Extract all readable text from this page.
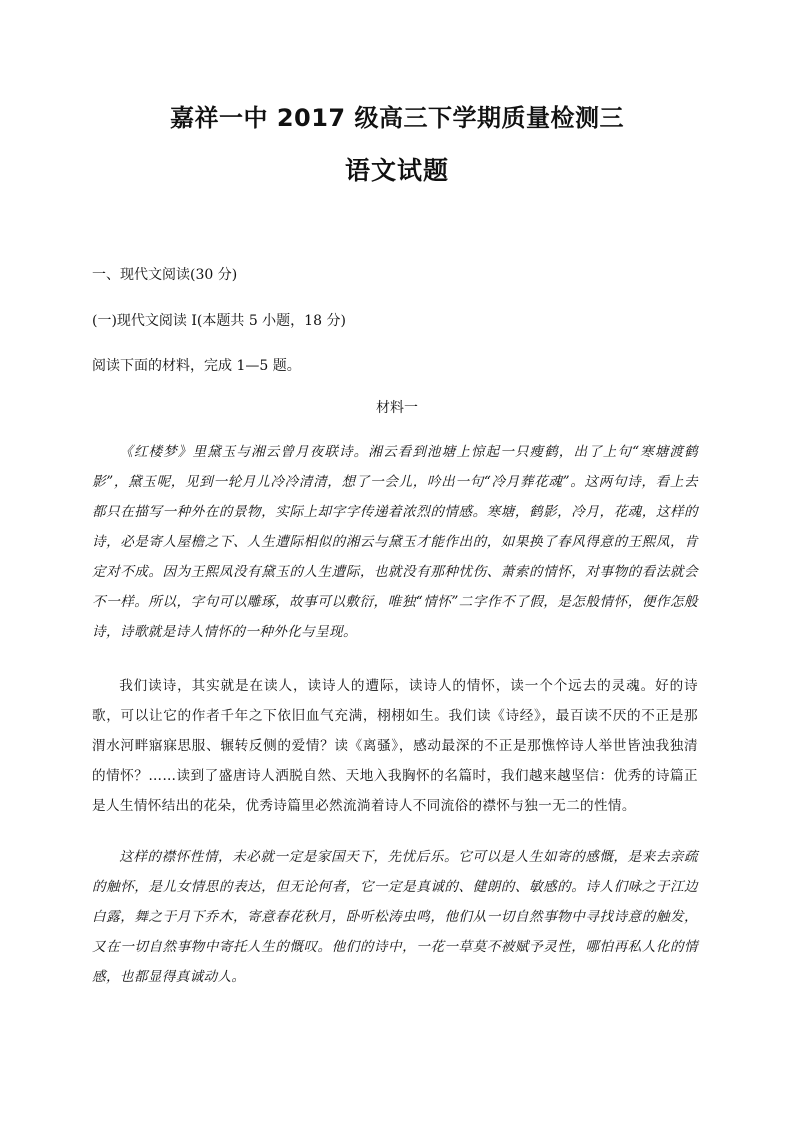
嘉祥一中 2017 级高三下学期质量检测三
语文试题
一、现代文阅读(30 分)
(一)现代文阅读 I(本题共 5 小题，18 分)
阅读下面的材料，完成 1—5 题。
材料一
《红楼梦》里黛玉与湘云曾月夜联诗。湘云看到池塘上惊起一只瘦鹤，出了上句“寒塘渡鹤影”，黛玉呢，见到一轮月儿冷冷清清，想了一会儿，吟出一句“冷月葬花魂”。这两句诗，看上去都只在描写一种外在的景物，实际上却字字传递着浓烈的情感。寒塘，鹤影，冷月，花魂，这样的诗，必是寄人屋檐之下、人生遭际相似的湘云与黛玉才能作出的，如果换了春风得意的王熙凤，肯定对不成。因为王熙凤没有黛玉的人生遭际，也就没有那种忧伤、萧索的情怀，对事物的看法就会不一样。所以，字句可以雕琢，故事可以敷衍，唯独“情怀”二字作不了假，是怎般情怀，便作怎般诗，诗歌就是诗人情怀的一种外化与呈现。
我们读诗，其实就是在读人，读诗人的遭际，读诗人的情怀，读一个个远去的灵魂。好的诗歌，可以让它的作者千年之下依旧血气充满，栩栩如生。我们读《诗经》，最百读不厌的不正是那渭水河畔寤寐思服、辗转反侧的爱情？读《离骚》，感动最深的不正是那憔悴诗人举世皆浊我独清的情怀？……读到了盛唐诗人洒脱自然、天地入我胸怀的名篇时，我们越来越坚信：优秀的诗篇正是人生情怀结出的花朵，优秀诗篇里必然流淌着诗人不同流俗的襟怀与独一无二的性情。
这样的襟怀性情，未必就一定是家国天下，先忧后乐。它可以是人生如寄的感慨，是来去亲疏的触怀，是儿女情思的表达，但无论何者，它一定是真诚的、健朗的、敏感的。诗人们咏之于江边白露，舞之于月下乔木，寄意春花秋月，卧听松涛虫鸣，他们从一切自然事物中寻找诗意的触发，又在一切自然事物中寄托人生的慨叹。他们的诗中，一花一草莫不被赋予灵性，哪怕再私人化的情感，也都显得真诚动人。
